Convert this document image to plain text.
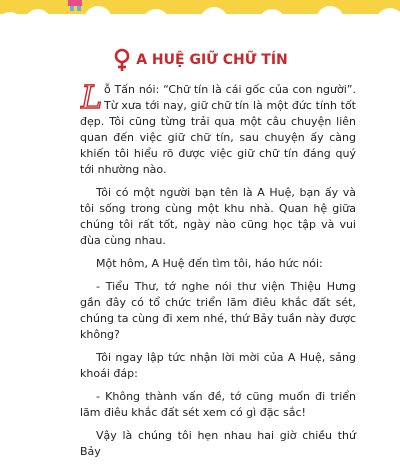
A HUỆ GIỮ CHỮ TÍN

L ỗ Tấn nói: “Chữ tín là cái gốc của con người”. Từ xưa tới nay, giữ chữ tín là một đức tính tốt đẹp. Tôi cũng từng trải qua một câu chuyện liên quan đến việc giữ chữ tín, sau chuyện ấy càng khiến tôi hiểu rõ được việc giữ chữ tín đáng quý tới nhường nào.

Tôi có một người bạn tên là A Huệ, bạn ấy và tôi sống trong cùng một khu nhà. Quan hệ giữa chúng tôi rất tốt, ngày nào cũng học tập và vui đùa cùng nhau.

Một hôm, A Huệ đến tìm tôi, háo hức nói:

- Tiểu Thư, tớ nghe nói thư viện Thiệu Hưng gần đây có tổ chức triển lãm điêu khắc đất sét, chúng ta cùng đi xem nhé, thứ Bảy tuần này được không?

Tôi ngay lập tức nhận lời mời của A Huệ, sảng khoái đáp:

- Không thành vấn đề, tớ cũng muốn đi triển lãm điêu khắc đất sét xem có gì đặc sắc!

Vậy là chúng tôi hẹn nhau hai giờ chiều thứ Bảy
